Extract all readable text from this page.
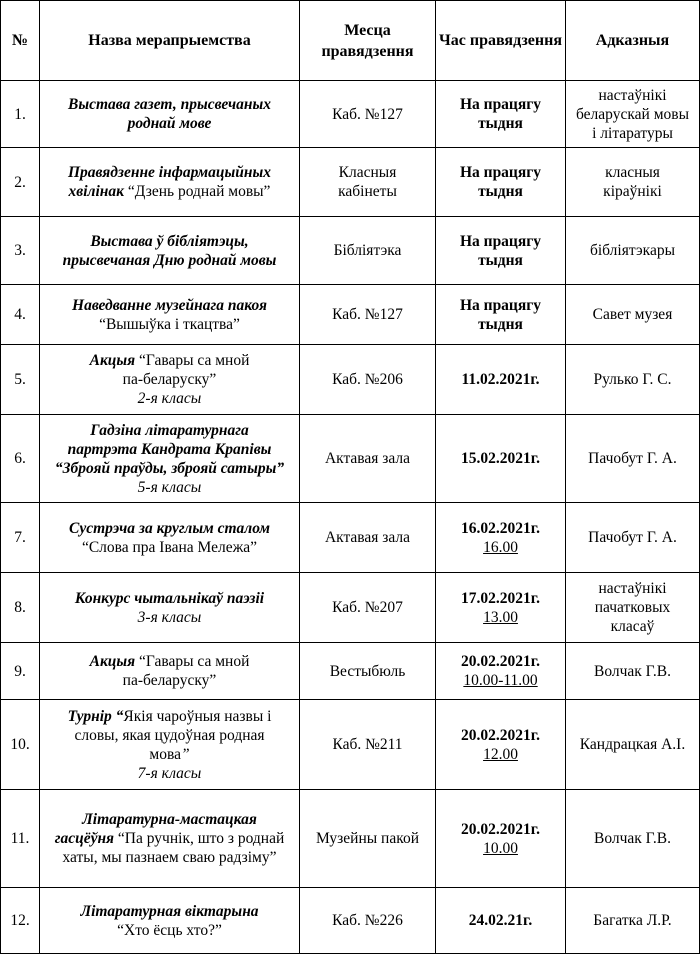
№	Назва мерапрыемства	Месца правядзення	Час правядзення	Адказныя
1.	Выстава газет, прысвечаных
роднай мове	Каб. №127	На працягу тыдня	настаўнікі
беларускай мовы
і літаратуры

2.	Правядзенне інфармацыйных
хвілінак “Дзень роднай мовы”	Класныя
кабінеты	На працягу тыдня	класныя
кіраўнікі

3.	Выстава ў бібліятэцы,
прысвечаная Дню роднай мовы	Бібліятэка	На працягу тыдня	бібліятэкары
4.	Наведванне музейнага пакоя
“Вышыўка і ткацтва”	Каб. №127	На працягу тыдня	Савет музея
5.	Акцыя “Гавары са мной
па-беларуску”
2-я класы	Каб. №206	11.02.2021г.	Рулько Г. С.
6.	Гадзіна літаратурнага
партрэта Кандрата Крапівы
“Зброяй праўды, зброяй сатыры”
5-я класы	Актавая зала	15.02.2021г.	Пачобут Г. А.
7.	Сустрэча за круглым сталом
“Слова пра Івана Мележа”	Актавая зала	16.02.2021г.
16.00	Пачобут Г. А.
8.	Конкурс чытальнікаў паэзіі
3-я класы	Каб. №207	17.02.2021г.
13.00	настаўнікі
пачатковых
класаў

9.	Акцыя “Гавары са мной
па-беларуску”	Вестыбюль	20.02.2021г.
10.00-11.00	Волчак Г.В.
10.	Турнір “Якія чароўныя назвы і
словы, якая цудоўная родная
мова”
7-я класы	Каб. №211	20.02.2021г.
12.00	Кандрацкая А.І.
11.	Літаратурна-мастацкая
гасцёўня “Па ручнік, што з роднай
хаты, мы пазнаем сваю радзіму”	Музейны пакой	20.02.2021г.
10.00	Волчак Г.В.
12.	Літаратурная віктарына
“Хто ёсць хто?”	Каб. №226	24.02.21г.	Багатка Л.Р.
